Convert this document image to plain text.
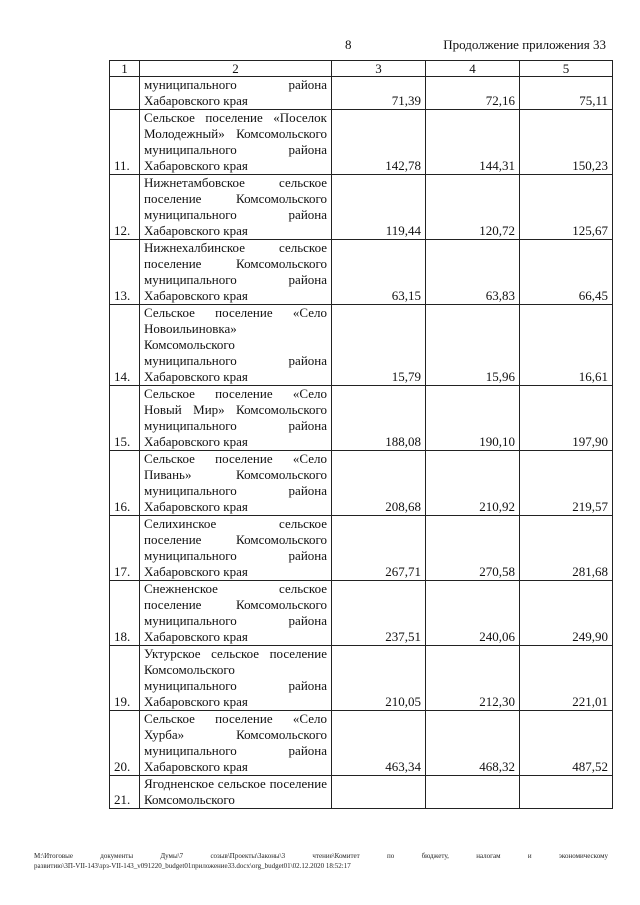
8	Продолжение приложения 33
1	2	3	4	5
	муниципального района Хабаровского края	71,39	72,16	75,11
11.	Сельское поселение «Поселок Молодежный» Комсомольского муниципального района Хабаровского края	142,78	144,31	150,23
12.	Нижнетамбовское сельское поселение Комсомольского муниципального района Хабаровского края	119,44	120,72	125,67
13.	Нижнехалбинское сельское поселение Комсомольского муниципального района Хабаровского края	63,15	63,83	66,45
14.	Сельское поселение «Село Новоильиновка» Комсомольского муниципального района Хабаровского края	15,79	15,96	16,61
15.	Сельское поселение «Село Новый Мир» Комсомольского муниципального района Хабаровского края	188,08	190,10	197,90
16.	Сельское поселение «Село Пивань» Комсомольского муниципального района Хабаровского края	208,68	210,92	219,57
17.	Селихинское сельское поселение Комсомольского муниципального района Хабаровского края	267,71	270,58	281,68
18.	Снежненское сельское поселение Комсомольского муниципального района Хабаровского края	237,51	240,06	249,90
19.	Уктурское сельское поселение Комсомольского муниципального района Хабаровского края	210,05	212,30	221,01
20.	Сельское поселение «Село Хурба» Комсомольского муниципального района Хабаровского края	463,34	468,32	487,52
21.	Ягодненское сельское поселение Комсомольского			
М:\Итоговые документы Думы\7 созыв\Проекты\Законы\3 чтение\Комитет по бюджету, налогам и экономическому
развитию\3П-VII-143\зрз-VII-143_v091220_budget01приложение33.docx\org_budget01\02.12.2020 18:52:17
